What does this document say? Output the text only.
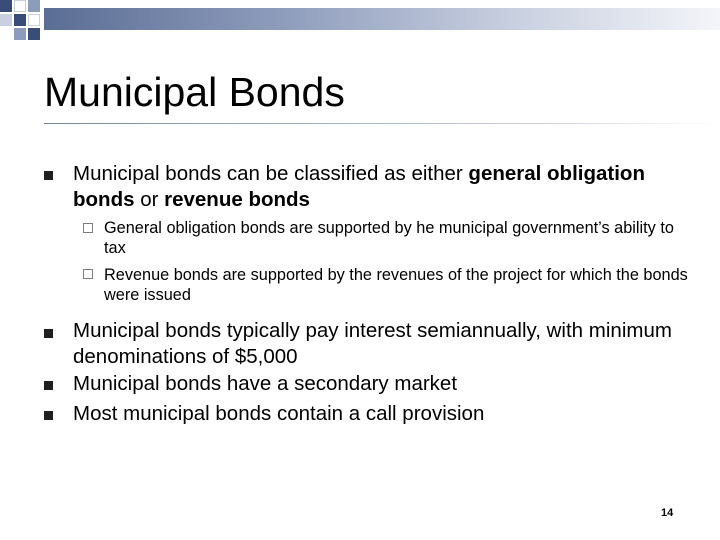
Municipal Bonds

Municipal bonds can be classified as either general obligation bonds or revenue bonds

General obligation bonds are supported by he municipal government’s ability to tax

Revenue bonds are supported by the revenues of the project for which the bonds were issued

Municipal bonds typically pay interest semiannually, with minimum denominations of $5,000

Municipal bonds have a secondary market

Most municipal bonds contain a call provision

14
